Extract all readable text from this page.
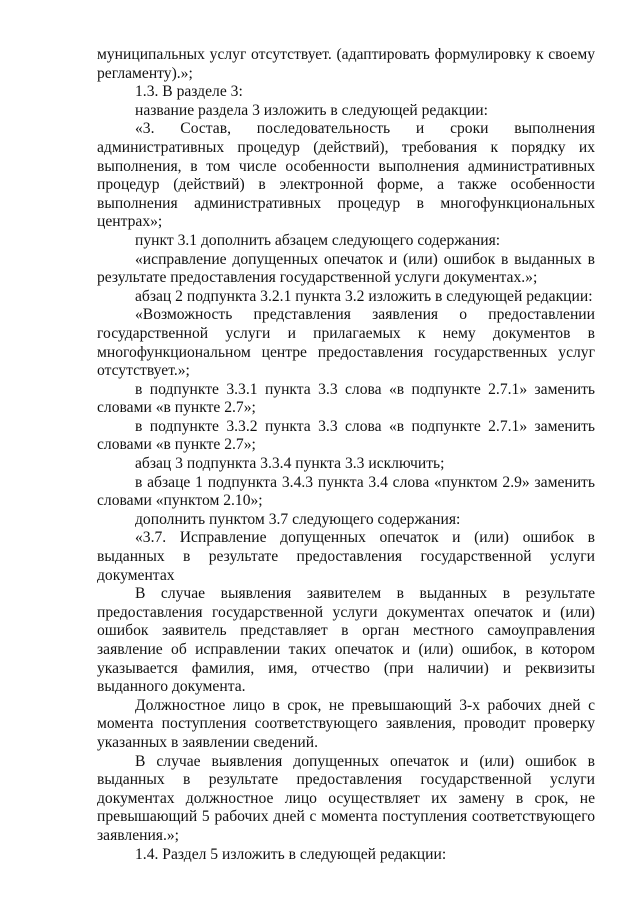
муниципальных услуг отсутствует. (адаптировать формулировку к своему регламенту).»;

1.3. В разделе 3:

название раздела 3 изложить в следующей редакции:

«3. Состав, последовательность и сроки выполнения административных процедур (действий), требования к порядку их выполнения, в том числе особенности выполнения административных процедур (действий) в электронной форме, а также особенности выполнения административных процедур в многофункциональных центрах»;

пункт 3.1 дополнить абзацем следующего содержания:

«исправление допущенных опечаток и (или) ошибок в выданных в результате предоставления государственной услуги документах.»;

абзац 2 подпункта 3.2.1 пункта 3.2 изложить в следующей редакции:

«Возможность представления заявления о предоставлении государственной услуги и прилагаемых к нему документов в многофункциональном центре предоставления государственных услуг отсутствует.»;

в подпункте 3.3.1 пункта 3.3 слова «в подпункте 2.7.1» заменить словами «в пункте 2.7»;

в подпункте 3.3.2 пункта 3.3 слова «в подпункте 2.7.1» заменить словами «в пункте 2.7»;

абзац 3 подпункта 3.3.4 пункта 3.3 исключить;

в абзаце 1 подпункта 3.4.3 пункта 3.4 слова «пунктом 2.9» заменить словами «пунктом 2.10»;

дополнить пунктом 3.7 следующего содержания:

«3.7. Исправление допущенных опечаток и (или) ошибок в выданных в результате предоставления государственной услуги документах

В случае выявления заявителем в выданных в результате предоставления государственной услуги документах опечаток и (или) ошибок заявитель представляет в орган местного самоуправления заявление об исправлении таких опечаток и (или) ошибок, в котором указывается фамилия, имя, отчество (при наличии) и реквизиты выданного документа.

Должностное лицо в срок, не превышающий 3-х рабочих дней с момента поступления соответствующего заявления, проводит проверку указанных в заявлении сведений.

В случае выявления допущенных опечаток и (или) ошибок в выданных в результате предоставления государственной услуги документах должностное лицо осуществляет их замену в срок, не превышающий 5 рабочих дней с момента поступления соответствующего заявления.»;

1.4. Раздел 5 изложить в следующей редакции:
